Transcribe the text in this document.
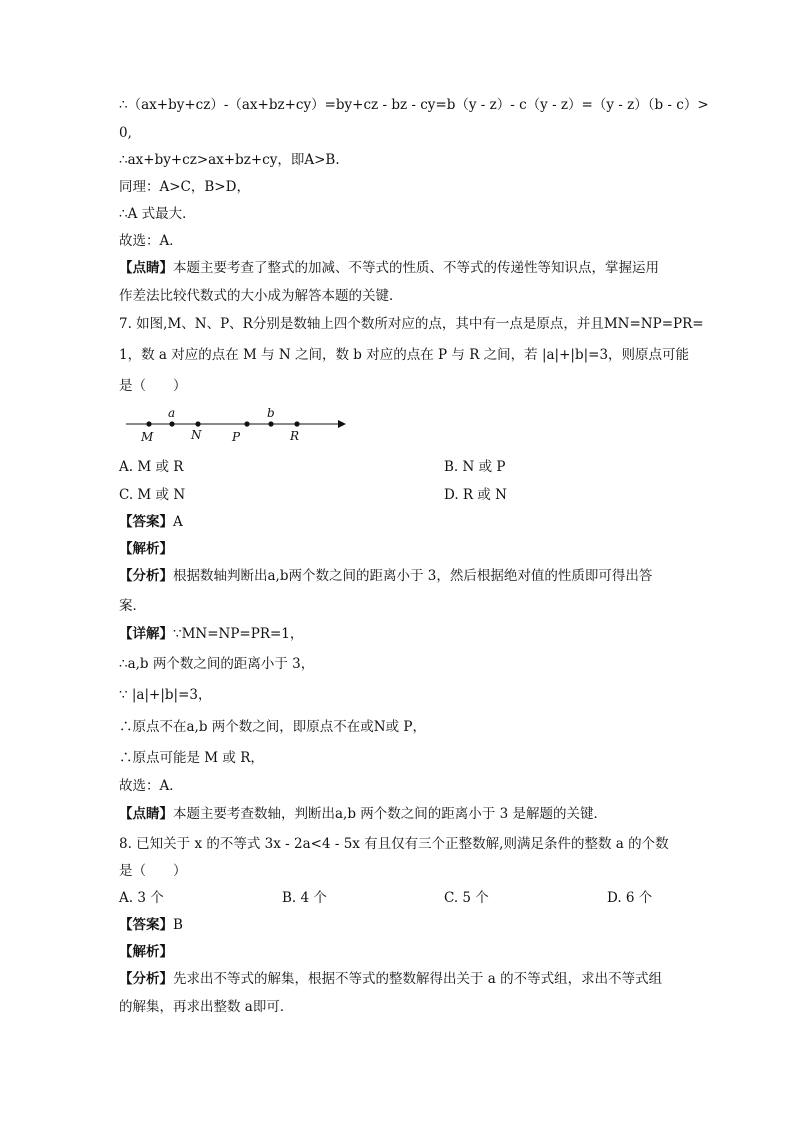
∴（ax+by+cz）-（ax+bz+cy）=by+cz - bz - cy=b（y - z）- c（y - z）=（y - z）（b - c）>
0,
∴ax+by+cz>ax+bz+cy，即A>B.
同理：A>C，B>D，
∴A 式最大．
故选：A．
【点睛】本题主要考查了整式的加减、不等式的性质、不等式的传递性等知识点，掌握运用
作差法比较代数式的大小成为解答本题的关键．
7. 如图,M、N、P、R分别是数轴上四个数所对应的点，其中有一点是原点，并且MN=NP=PR=
1，数 a 对应的点在 M 与 N 之间，数 b 对应的点在 P 与 R 之间，若 |a|+|b|=3，则原点可能
是（　　）
a	b
M	N	P	R
A. M 或 R	B. N 或 P
C. M 或 N	D. R 或 N
【答案】A
【解析】
【分析】根据数轴判断出a,b两个数之间的距离小于 3，然后根据绝对值的性质即可得出答
案．
【详解】∵MN=NP=PR=1，
∴a,b 两个数之间的距离小于 3，
∵ |a|+|b|=3，
∴原点不在a,b 两个数之间，即原点不在或N或 P，
∴原点可能是 M 或 R，
故选：A．
【点睛】本题主要考查数轴，判断出a,b 两个数之间的距离小于 3 是解题的关键．
8. 已知关于 x 的不等式 3x - 2a<4 - 5x 有且仅有三个正整数解,则满足条件的整数 a 的个数
是（　　）
A. 3 个	B. 4 个	C. 5 个	D. 6 个
【答案】B
【解析】
【分析】先求出不等式的解集，根据不等式的整数解得出关于 a 的不等式组，求出不等式组
的解集，再求出整数 a即可．
